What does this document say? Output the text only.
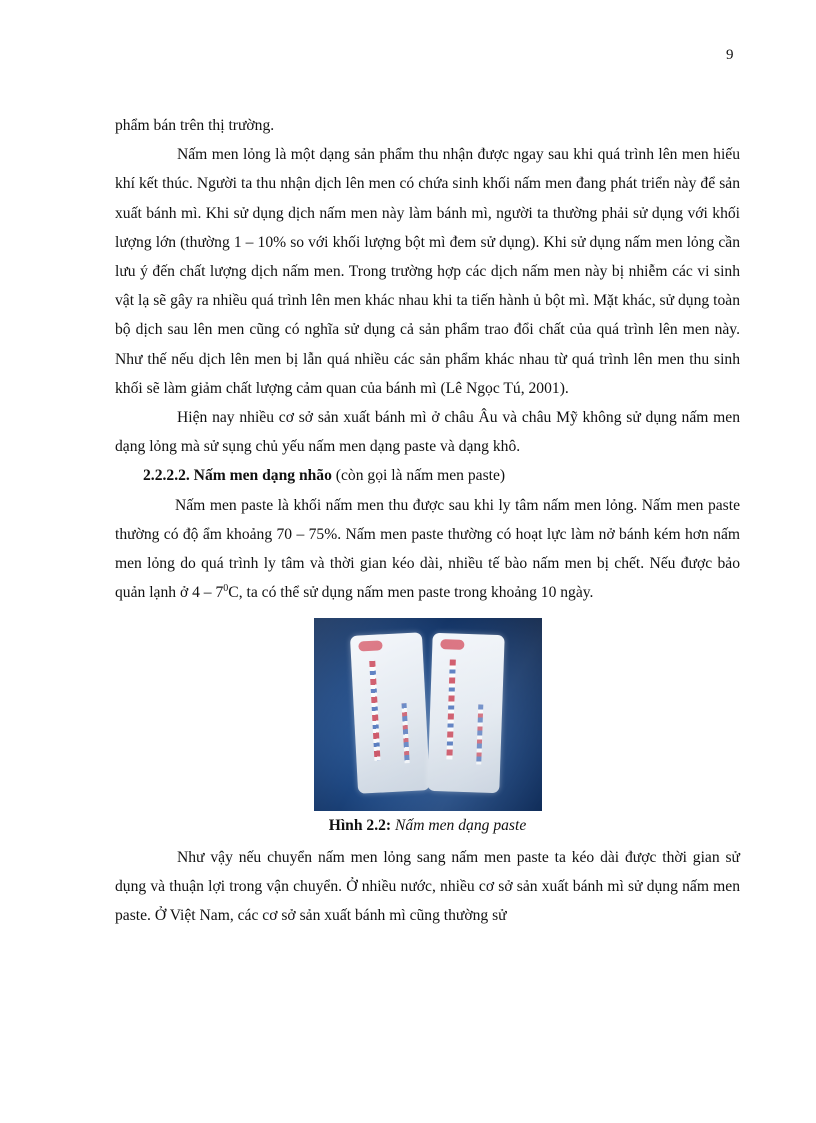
9

phẩm bán trên thị trường.

Nấm men lỏng là một dạng sản phẩm thu nhận được ngay sau khi quá trình lên men hiếu khí kết thúc. Người ta thu nhận dịch lên men có chứa sinh khối nấm men đang phát triển này để sản xuất bánh mì. Khi sử dụng dịch nấm men này làm bánh mì, người ta thường phải sử dụng với khối lượng lớn (thường 1 – 10% so với khối lượng bột mì đem sử dụng). Khi sử dụng nấm men lỏng cần lưu ý đến chất lượng dịch nấm men. Trong trường hợp các dịch nấm men này bị nhiễm các vi sinh vật lạ sẽ gây ra nhiều quá trình lên men khác nhau khi ta tiến hành ủ bột mì. Mặt khác, sử dụng toàn bộ dịch sau lên men cũng có nghĩa sử dụng cả sản phẩm trao đổi chất của quá trình lên men này. Như thế nếu dịch lên men bị lẫn quá nhiều các sản phẩm khác nhau từ quá trình lên men thu sinh khối sẽ làm giảm chất lượng cảm quan của bánh mì (Lê Ngọc Tú, 2001).

Hiện nay nhiều cơ sở sản xuất bánh mì ở châu Âu và châu Mỹ không sử dụng nấm men dạng lỏng mà sử sụng chủ yếu nấm men dạng paste và dạng khô.

2.2.2.2. Nấm men dạng nhão (còn gọi là nấm men paste)

Nấm men paste là khối nấm men thu được sau khi ly tâm nấm men lỏng. Nấm men paste thường có độ ẩm khoảng 70 – 75%. Nấm men paste thường có hoạt lực làm nở bánh kém hơn nấm men lỏng do quá trình ly tâm và thời gian kéo dài, nhiều tế bào nấm men bị chết. Nếu được bảo quản lạnh ở $4 - 7^0C$, ta có thể sử dụng nấm men paste trong khoảng 10 ngày.

Hình 2.2: Nấm men dạng paste

Như vậy nếu chuyển nấm men lỏng sang nấm men paste ta kéo dài được thời gian sử dụng và thuận lợi trong vận chuyển. Ở nhiều nước, nhiều cơ sở sản xuất bánh mì sử dụng nấm men paste. Ở Việt Nam, các cơ sở sản xuất bánh mì cũng thường sử
